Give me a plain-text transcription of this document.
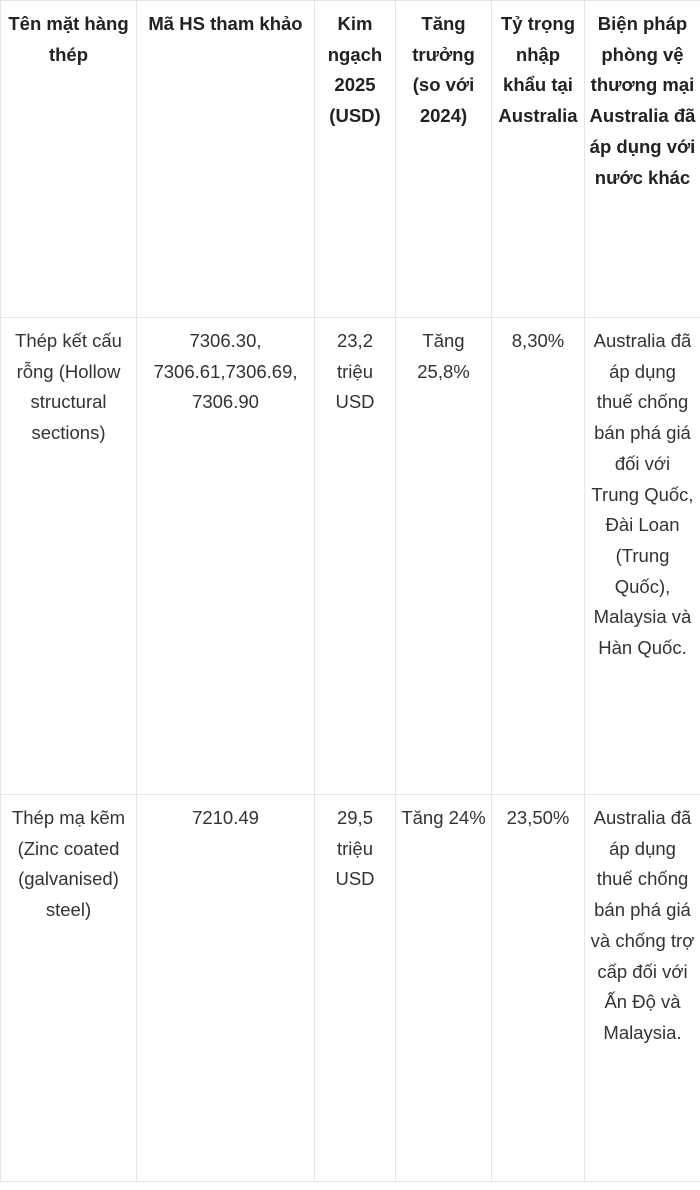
Tên mặt hàng thép	Mã HS tham khảo	Kim ngạch 2025 (USD)	Tăng trưởng (so với 2024)	Tỷ trọng nhập khẩu tại Australia	Biện pháp phòng vệ thương mại Australia đã áp dụng với nước khác
Thép kết cấu rỗng (Hollow structural sections)	7306.30, 7306.61,7306.69, 7306.90	23,2 triệu USD	Tăng 25,8%	8,30%	Australia đã áp dụng thuế chống bán phá giá đối với Trung Quốc, Đài Loan (Trung Quốc), Malaysia và Hàn Quốc.
Thép mạ kẽm (Zinc coated (galvanised) steel)	7210.49	29,5 triệu USD	Tăng 24%	23,50%	Australia đã áp dụng thuế chống bán phá giá và chống trợ cấp đối với Ấn Độ và Malaysia.
